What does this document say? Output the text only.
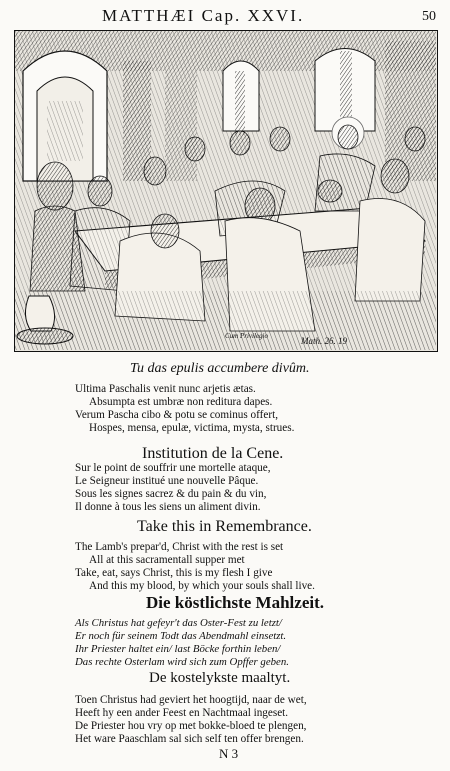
MATTHÆI Cap. XXVI.	50
Cum Privilegio	Math. 26. 19
Tu das epulis accumbere divûm.
Ultima Paschalis venit nunc arjetis ætas.
Absumpta est umbræ non reditura dapes.
Verum Pascha cibo & potu se cominus offert,
Hospes, mensa, epulæ, victima, mysta, strues.
Institution de la Cene.
Sur le point de souffrir une mortelle ataque,
Le Seigneur institué une nouvelle Pâque.
Sous les signes sacrez & du pain & du vin,
Il donne à tous les siens un aliment divin.
Take this in Remembrance.
The Lamb's prepar'd, Christ with the rest is set
All at this sacramentall supper met
Take, eat, says Christ, this is my flesh I give
And this my blood, by which your souls shall live.
Die köstlichste Mahlzeit.
Als Christus hat gefeyr't das Oster-Fest zu letzt/
Er noch für seinem Todt das Abendmahl einsetzt.
Ihr Priester haltet ein/ last Böcke forthin leben/
Das rechte Osterlam wird sich zum Opffer geben.
De kostelykste maaltyt.
Toen Christus had geviert het hoogtijd, naar de wet,
Heeft hy een ander Feest en Nachtmaal ingeset.
De Priester hou vry op met bokke-bloed te plengen,
Het ware Paaschlam sal sich self ten offer brengen.
N 3
